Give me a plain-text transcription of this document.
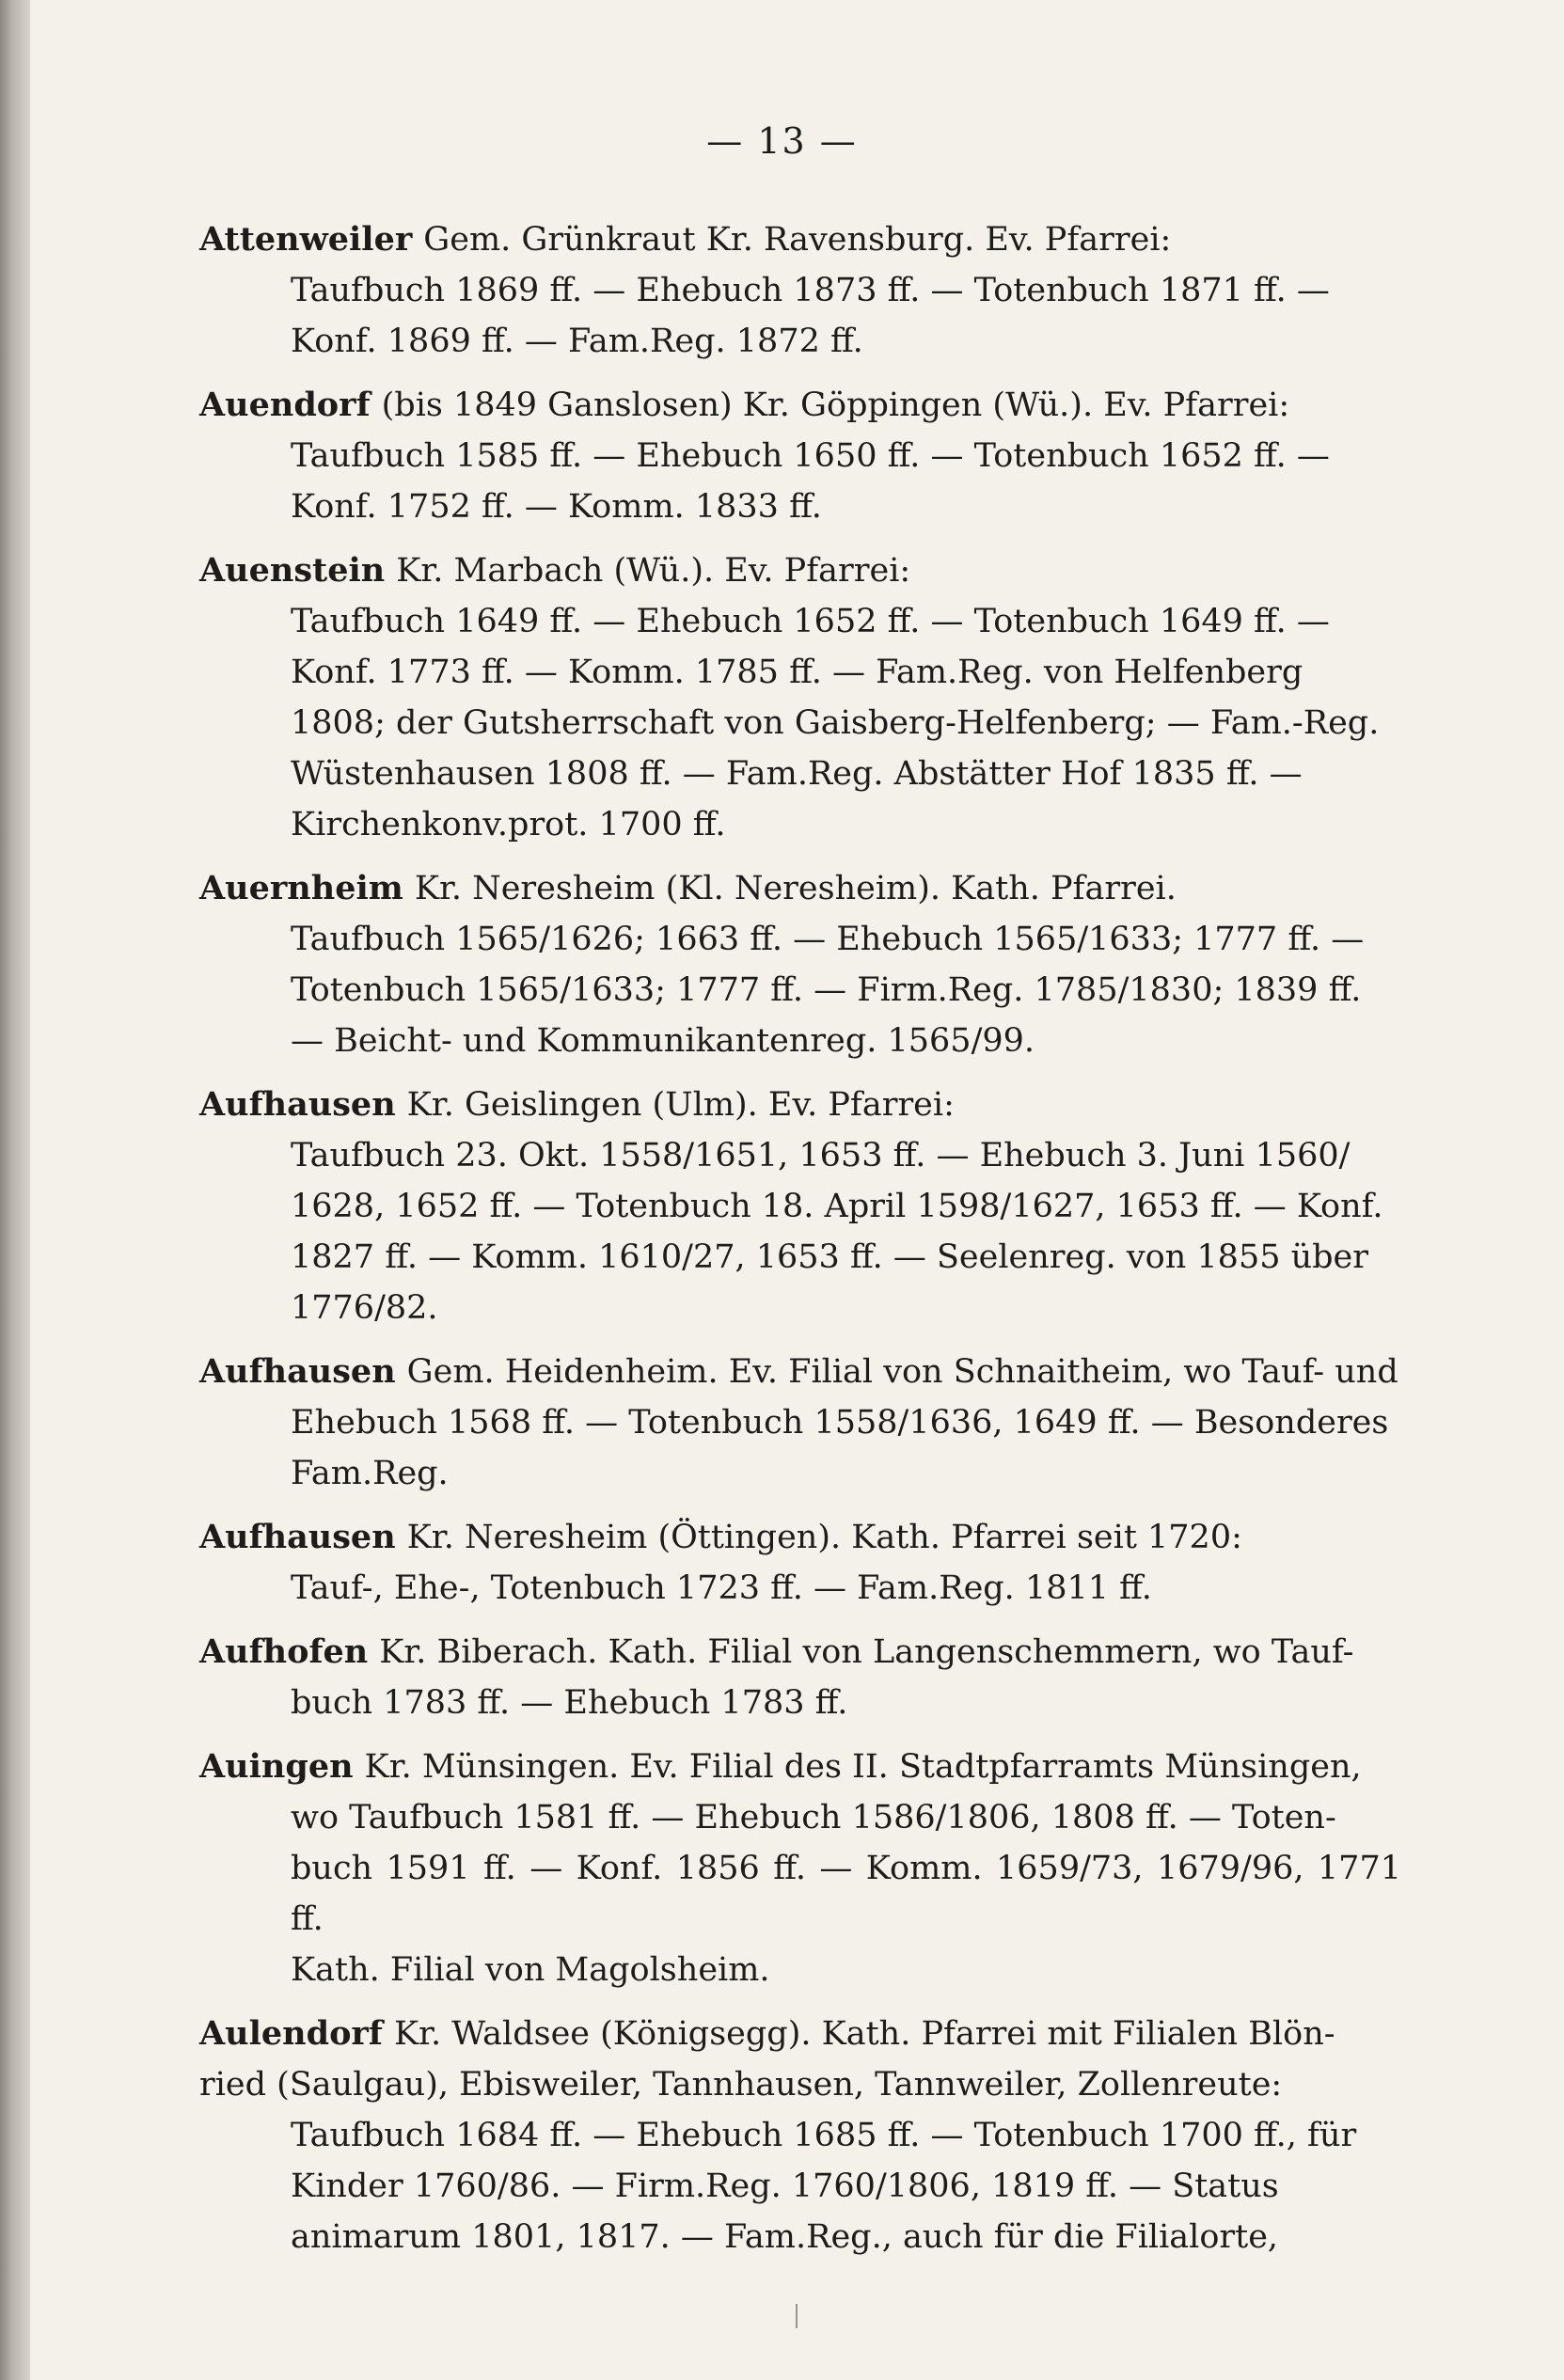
— 13 —

Attenweiler Gem. Grünkraut Kr. Ravensburg. Ev. Pfarrei:

Taufbuch 1869 ff. — Ehebuch 1873 ff. — Totenbuch 1871 ff. —

Konf. 1869 ff. — Fam.Reg. 1872 ff.

Auendorf (bis 1849 Ganslosen) Kr. Göppingen (Wü.). Ev. Pfarrei:

Taufbuch 1585 ff. — Ehebuch 1650 ff. — Totenbuch 1652 ff. —

Konf. 1752 ff. — Komm. 1833 ff.

Auenstein Kr. Marbach (Wü.). Ev. Pfarrei:

Taufbuch 1649 ff. — Ehebuch 1652 ff. — Totenbuch 1649 ff. —

Konf. 1773 ff. — Komm. 1785 ff. — Fam.Reg. von Helfenberg

1808; der Gutsherrschaft von Gaisberg-Helfenberg; — Fam.-Reg.

Wüstenhausen 1808 ff. — Fam.Reg. Abstätter Hof 1835 ff. —

Kirchenkonv.prot. 1700 ff.

Auernheim Kr. Neresheim (Kl. Neresheim). Kath. Pfarrei.

Taufbuch 1565/1626; 1663 ff. — Ehebuch 1565/1633; 1777 ff. —

Totenbuch 1565/1633; 1777 ff. — Firm.Reg. 1785/1830; 1839 ff.

— Beicht- und Kommunikantenreg. 1565/99.

Aufhausen Kr. Geislingen (Ulm). Ev. Pfarrei:

Taufbuch 23. Okt. 1558/1651, 1653 ff. — Ehebuch 3. Juni 1560/

1628, 1652 ff. — Totenbuch 18. April 1598/1627, 1653 ff. — Konf.

1827 ff. — Komm. 1610/27, 1653 ff. — Seelenreg. von 1855 über

1776/82.

Aufhausen Gem. Heidenheim. Ev. Filial von Schnaitheim, wo Tauf- und

Ehebuch 1568 ff. — Totenbuch 1558/1636, 1649 ff. — Besonderes

Fam.Reg.

Aufhausen Kr. Neresheim (Öttingen). Kath. Pfarrei seit 1720:

Tauf-, Ehe-, Totenbuch 1723 ff. — Fam.Reg. 1811 ff.

Aufhofen Kr. Biberach. Kath. Filial von Langenschemmern, wo Tauf-

buch 1783 ff. — Ehebuch 1783 ff.

Auingen Kr. Münsingen. Ev. Filial des II. Stadtpfarramts Münsingen,

wo Taufbuch 1581 ff. — Ehebuch 1586/1806, 1808 ff. — Toten-

buch 1591 ff. — Konf. 1856 ff. — Komm. 1659/73, 1679/96, 1771 ff.

Kath. Filial von Magolsheim.

Aulendorf Kr. Waldsee (Königsegg). Kath. Pfarrei mit Filialen Blön-

ried (Saulgau), Ebisweiler, Tannhausen, Tannweiler, Zollenreute:

Taufbuch 1684 ff. — Ehebuch 1685 ff. — Totenbuch 1700 ff., für

Kinder 1760/86. — Firm.Reg. 1760/1806, 1819 ff. — Status

animarum 1801, 1817. — Fam.Reg., auch für die Filialorte,
